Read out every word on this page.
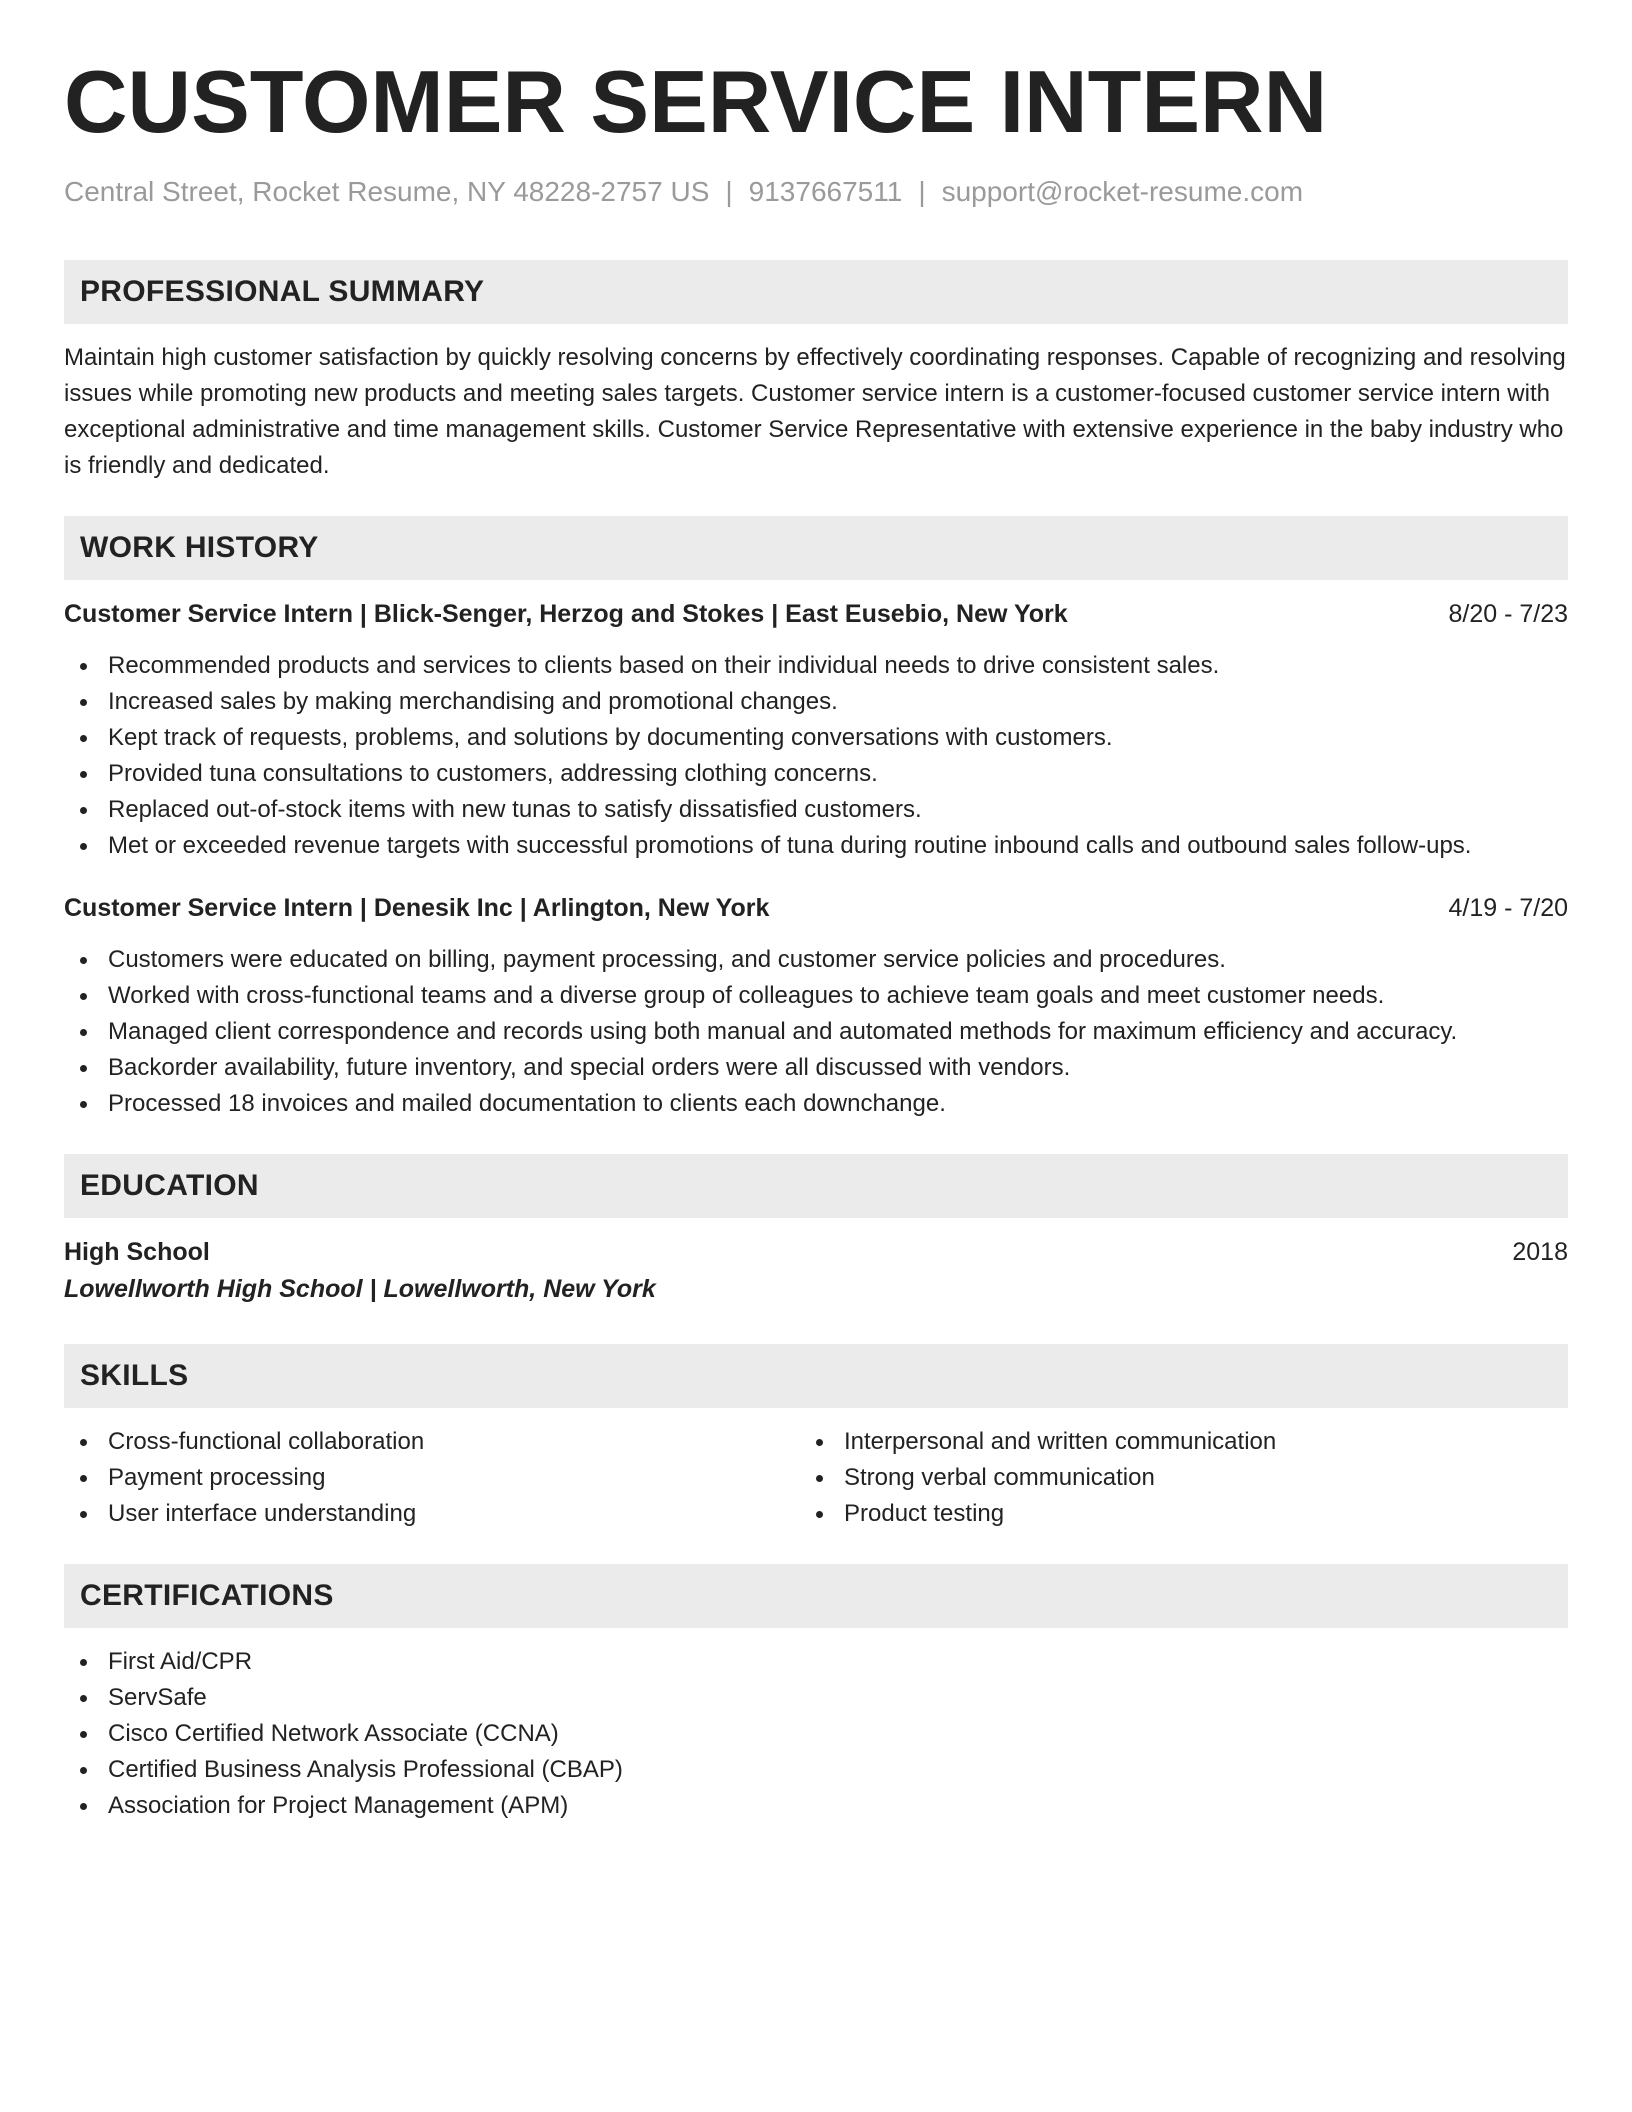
CUSTOMER SERVICE INTERN
Central Street, Rocket Resume, NY 48228-2757 US | 9137667511 | support@rocket-resume.com
PROFESSIONAL SUMMARY
Maintain high customer satisfaction by quickly resolving concerns by effectively coordinating responses. Capable of recognizing and resolving issues while promoting new products and meeting sales targets. Customer service intern is a customer-focused customer service intern with exceptional administrative and time management skills. Customer Service Representative with extensive experience in the baby industry who is friendly and dedicated.
WORK HISTORY
Customer Service Intern | Blick-Senger, Herzog and Stokes | East Eusebio, New York	8/20 - 7/23
Recommended products and services to clients based on their individual needs to drive consistent sales.
Increased sales by making merchandising and promotional changes.
Kept track of requests, problems, and solutions by documenting conversations with customers.
Provided tuna consultations to customers, addressing clothing concerns.
Replaced out-of-stock items with new tunas to satisfy dissatisfied customers.
Met or exceeded revenue targets with successful promotions of tuna during routine inbound calls and outbound sales follow-ups.
Customer Service Intern | Denesik Inc | Arlington, New York	4/19 - 7/20
Customers were educated on billing, payment processing, and customer service policies and procedures.
Worked with cross-functional teams and a diverse group of colleagues to achieve team goals and meet customer needs.
Managed client correspondence and records using both manual and automated methods for maximum efficiency and accuracy.
Backorder availability, future inventory, and special orders were all discussed with vendors.
Processed 18 invoices and mailed documentation to clients each downchange.
EDUCATION
High School	2018
Lowellworth High School | Lowellworth, New York
SKILLS
Cross-functional collaboration
Payment processing
User interface understanding
Interpersonal and written communication
Strong verbal communication
Product testing
CERTIFICATIONS
First Aid/CPR
ServSafe
Cisco Certified Network Associate (CCNA)
Certified Business Analysis Professional (CBAP)
Association for Project Management (APM)
